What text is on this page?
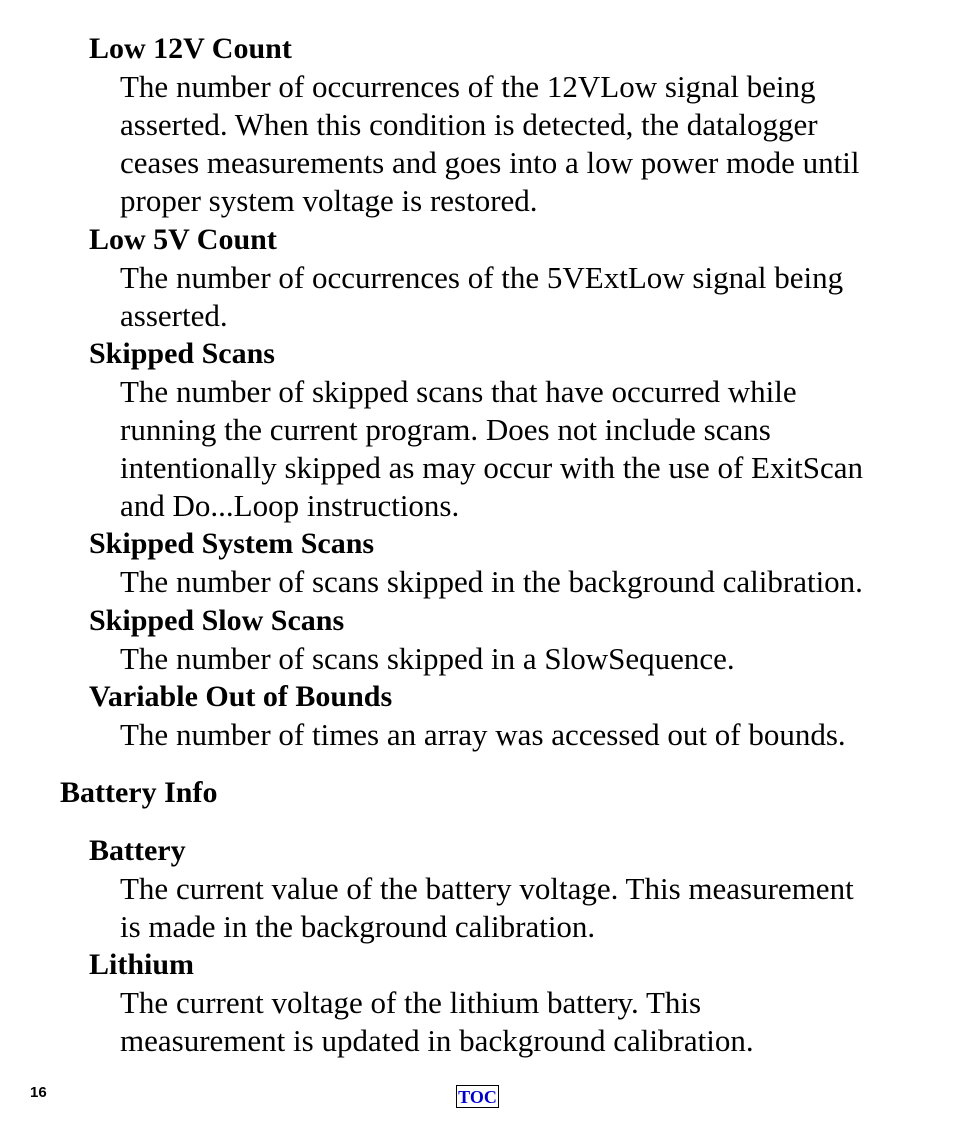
Low 12V Count
The number of occurrences of the 12VLow signal being
asserted. When this condition is detected, the datalogger
ceases measurements and goes into a low power mode until
proper system voltage is restored.
Low 5V Count
The number of occurrences of the 5VExtLow signal being
asserted.
Skipped Scans
The number of skipped scans that have occurred while
running the current program. Does not include scans
intentionally skipped as may occur with the use of ExitScan
and Do...Loop instructions.
Skipped System Scans
The number of scans skipped in the background calibration.
Skipped Slow Scans
The number of scans skipped in a SlowSequence.
Variable Out of Bounds
The number of times an array was accessed out of bounds.
Battery Info
Battery
The current value of the battery voltage. This measurement
is made in the background calibration.
Lithium
The current voltage of the lithium battery. This
measurement is updated in background calibration.
16	TOC
